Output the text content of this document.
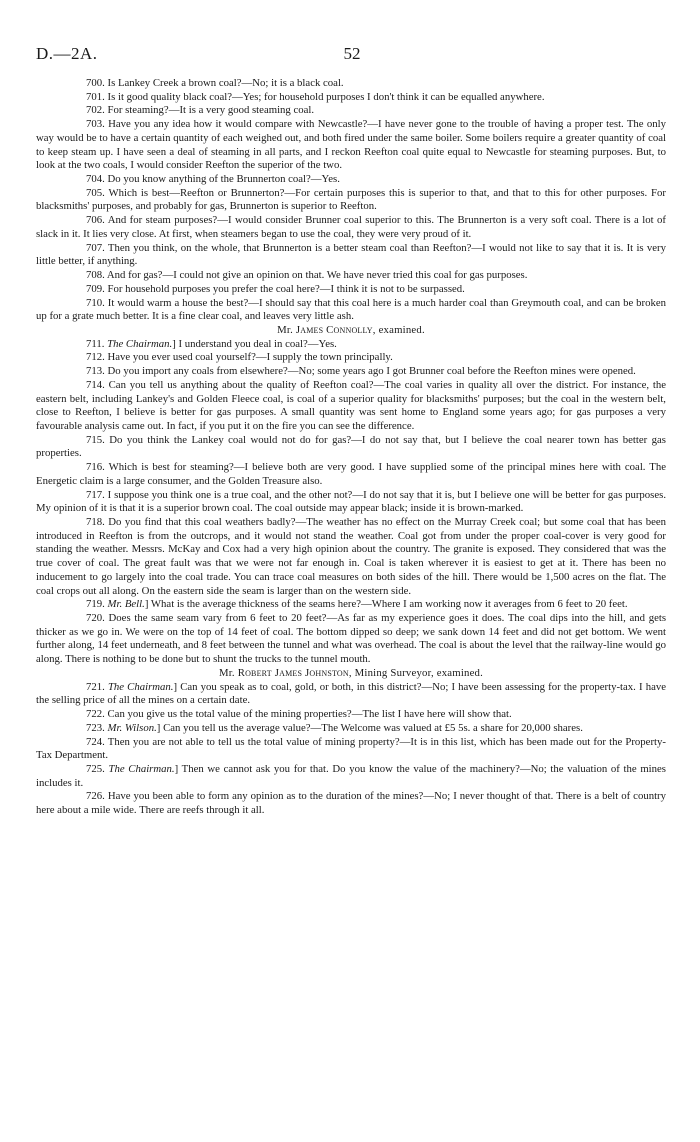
D.—2A.	52

700. Is Lankey Creek a brown coal?—No; it is a black coal.

701. Is it good quality black coal?—Yes; for household purposes I don't think it can be equalled anywhere.

702. For steaming?—It is a very good steaming coal.

703. Have you any idea how it would compare with Newcastle?—I have never gone to the trouble of having a proper test. The only way would be to have a certain quantity of each weighed out, and both fired under the same boiler. Some boilers require a greater quantity of coal to keep steam up. I have seen a deal of steaming in all parts, and I reckon Reefton coal quite equal to Newcastle for steaming purposes. But, to look at the two coals, I would consider Reefton the superior of the two.

704. Do you know anything of the Brunnerton coal?—Yes.

705. Which is best—Reefton or Brunnerton?—For certain purposes this is superior to that, and that to this for other purposes. For blacksmiths' purposes, and probably for gas, Brunnerton is superior to Reefton.

706. And for steam purposes?—I would consider Brunner coal superior to this. The Brunnerton is a very soft coal. There is a lot of slack in it. It lies very close. At first, when steamers began to use the coal, they were very proud of it.

707. Then you think, on the whole, that Brunnerton is a better steam coal than Reefton?—I would not like to say that it is. It is very little better, if anything.

708. And for gas?—I could not give an opinion on that. We have never tried this coal for gas purposes.

709. For household purposes you prefer the coal here?—I think it is not to be surpassed.

710. It would warm a house the best?—I should say that this coal here is a much harder coal than Greymouth coal, and can be broken up for a grate much better. It is a fine clear coal, and leaves very little ash.

Mr. James Connolly, examined.

711. The Chairman.] I understand you deal in coal?—Yes.

712. Have you ever used coal yourself?—I supply the town principally.

713. Do you import any coals from elsewhere?—No; some years ago I got Brunner coal before the Reefton mines were opened.

714. Can you tell us anything about the quality of Reefton coal?—The coal varies in quality all over the district. For instance, the eastern belt, including Lankey's and Golden Fleece coal, is coal of a superior quality for blacksmiths' purposes; but the coal in the western belt, close to Reefton, I believe is better for gas purposes. A small quantity was sent home to England some years ago; for gas purposes a very favourable analysis came out. In fact, if you put it on the fire you can see the difference.

715. Do you think the Lankey coal would not do for gas?—I do not say that, but I believe the coal nearer town has better gas properties.

716. Which is best for steaming?—I believe both are very good. I have supplied some of the principal mines here with coal. The Energetic claim is a large consumer, and the Golden Treasure also.

717. I suppose you think one is a true coal, and the other not?—I do not say that it is, but I believe one will be better for gas purposes. My opinion of it is that it is a superior brown coal. The coal outside may appear black; inside it is brown-marked.

718. Do you find that this coal weathers badly?—The weather has no effect on the Murray Creek coal; but some coal that has been introduced in Reefton is from the outcrops, and it would not stand the weather. Coal got from under the proper coal-cover is very good for standing the weather. Messrs. McKay and Cox had a very high opinion about the country. The granite is exposed. They considered that was the true cover of coal. The great fault was that we were not far enough in. Coal is taken wherever it is easiest to get at it. There has been no inducement to go largely into the coal trade. You can trace coal measures on both sides of the hill. There would be 1,500 acres on the flat. The coal crops out all along. On the eastern side the seam is larger than on the western side.

719. Mr. Bell.] What is the average thickness of the seams here?—Where I am working now it averages from 6 feet to 20 feet.

720. Does the same seam vary from 6 feet to 20 feet?—As far as my experience goes it does. The coal dips into the hill, and gets thicker as we go in. We were on the top of 14 feet of coal. The bottom dipped so deep; we sank down 14 feet and did not get bottom. We went further along, 14 feet underneath, and 8 feet between the tunnel and what was overhead. The coal is about the level that the railway-line would go along. There is nothing to be done but to shunt the trucks to the tunnel mouth.

Mr. Robert James Johnston, Mining Surveyor, examined.

721. The Chairman.] Can you speak as to coal, gold, or both, in this district?—No; I have been assessing for the property-tax. I have the selling price of all the mines on a certain date.

722. Can you give us the total value of the mining properties?—The list I have here will show that.

723. Mr. Wilson.] Can you tell us the average value?—The Welcome was valued at £5 5s. a share for 20,000 shares.

724. Then you are not able to tell us the total value of mining property?—It is in this list, which has been made out for the Property-Tax Department.

725. The Chairman.] Then we cannot ask you for that. Do you know the value of the machinery?—No; the valuation of the mines includes it.

726. Have you been able to form any opinion as to the duration of the mines?—No; I never thought of that. There is a belt of country here about a mile wide. There are reefs through it all.
